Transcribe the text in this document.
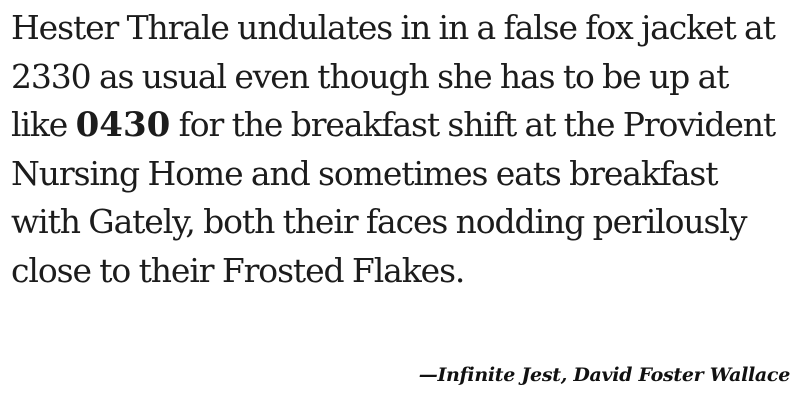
Hester Thrale undulates in in a false fox jacket at 2330 as usual even though she has to be up at like 0430 for the breakfast shift at the Provident Nursing Home and sometimes eats breakfast with Gately, both their faces nodding perilously close to their Frosted Flakes.
—Infinite Jest, David Foster Wallace
